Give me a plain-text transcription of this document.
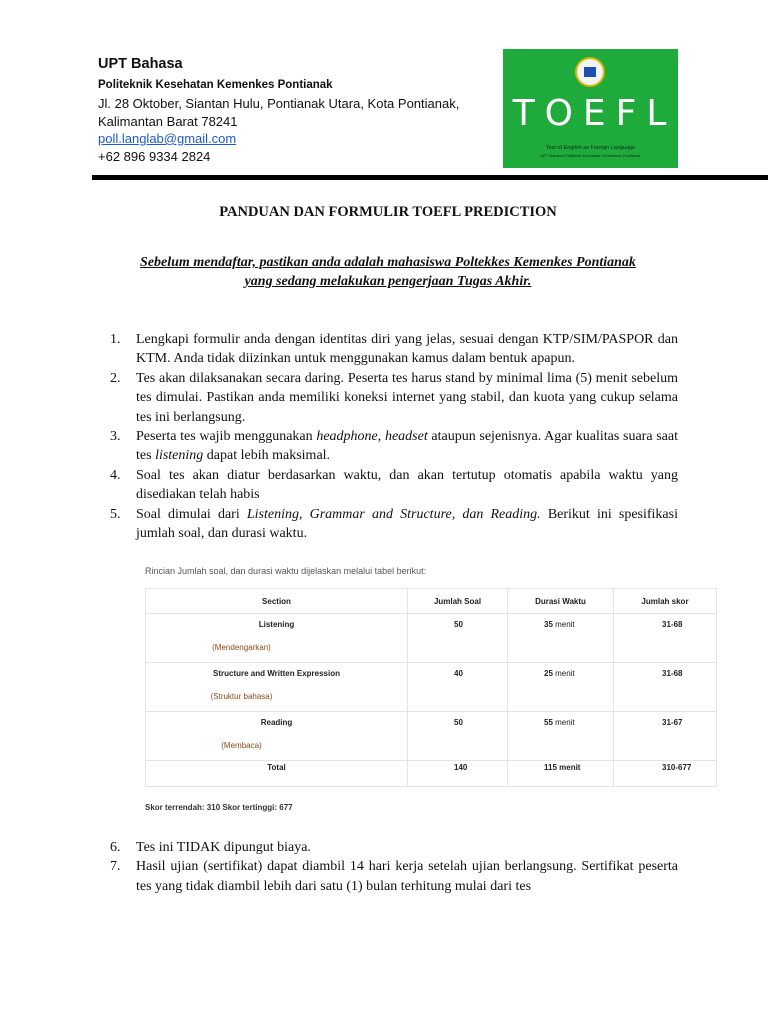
UPT Bahasa

Politeknik Kesehatan Kemenkes Pontianak

Jl. 28 Oktober, Siantan Hulu, Pontianak Utara, Kota Pontianak,

Kalimantan Barat 78241

poll.langlab@gmail.com
+62 896 9334 2824
TOEFL
Test of English as Foreign Language
UPT Bahasa Politeknik Kesehatan Kemenkes Pontianak
PANDUAN DAN FORMULIR TOEFL PREDICTION
Sebelum mendaftar, pastikan anda adalah mahasiswa Poltekkes Kemenkes Pontianak
yang sedang melakukan pengerjaan Tugas Akhir.
1. Lengkapi formulir anda dengan identitas diri yang jelas, sesuai dengan KTP/SIM/PASPOR dan KTM. Anda tidak diizinkan untuk menggunakan kamus dalam bentuk apapun.
2. Tes akan dilaksanakan secara daring. Peserta tes harus stand by minimal lima (5) menit sebelum tes dimulai. Pastikan anda memiliki koneksi internet yang stabil, dan kuota yang cukup selama tes ini berlangsung.
3. Peserta tes wajib menggunakan headphone, headset ataupun sejenisnya. Agar kualitas suara saat tes listening dapat lebih maksimal.
4. Soal tes akan diatur berdasarkan waktu, dan akan tertutup otomatis apabila waktu yang disediakan telah habis
5. Soal dimulai dari Listening, Grammar and Structure, dan Reading. Berikut ini spesifikasi jumlah soal, dan durasi waktu.

Rincian Jumlah soal, dan durasi waktu dijelaskan melalui tabel berikut:

Section	Jumlah Soal	Durasi Waktu	Jumlah skor

Listening
(Mendengarkan)	50	35 menit	31-68

Structure and Written Expression
(Struktur bahasa)	40	25 menit	31-68

Reading
(Membaca)	50	55 menit	31-67
Total	140	115 menit	310-677

Skor terrendah: 310 Skor tertinggi: 677

6. Tes ini TIDAK dipungut biaya.
7. Hasil ujian (sertifikat) dapat diambil 14 hari kerja setelah ujian berlangsung. Sertifikat peserta tes yang tidak diambil lebih dari satu (1) bulan terhitung mulai dari tes
